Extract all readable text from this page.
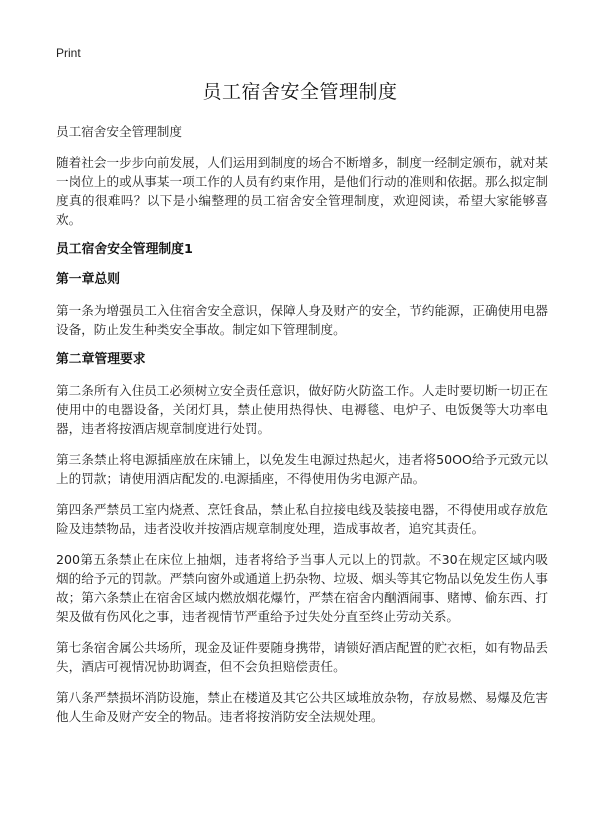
Print
员工宿舍安全管理制度
员工宿舍安全管理制度
随着社会一步步向前发展，人们运用到制度的场合不断增多，制度一经制定颁布，就对某一岗位上的或从事某一项工作的人员有约束作用，是他们行动的准则和依据。那么拟定制度真的很难吗？以下是小编整理的员工宿舍安全管理制度，欢迎阅读，希望大家能够喜欢。
员工宿舍安全管理制度1
第一章总则
第一条为增强员工入住宿舍安全意识，保障人身及财产的安全，节约能源，正确使用电器设备，防止发生种类安全事故。制定如下管理制度。
第二章管理要求
第二条所有入住员工必须树立安全责任意识，做好防火防盗工作。人走时要切断一切正在使用中的电器设备，关闭灯具，禁止使用热得快、电褥毯、电炉子、电饭煲等大功率电器，违者将按酒店规章制度进行处罚。
第三条禁止将电源插座放在床铺上，以免发生电源过热起火，违者将50OO给予元致元以上的罚款；请使用酒店配发的.电源插座，不得使用伪劣电源产品。
第四条严禁员工室内烧煮、烹饪食品，禁止私自拉接电线及装接电器，不得使用或存放危险及违禁物品，违者没收并按酒店规章制度处理，造成事故者，追究其责任。
200第五条禁止在床位上抽烟，违者将给予当事人元以上的罚款。不30在规定区域内吸烟的给予元的罚款。严禁向窗外或通道上扔杂物、垃圾、烟头等其它物品以免发生伤人事故；第六条禁止在宿舍区域内燃放烟花爆竹，严禁在宿舍内酗酒闹事、赌博、偷东西、打架及做有伤风化之事，违者视情节严重给予过失处分直至终止劳动关系。
第七条宿舍属公共场所，现金及证件要随身携带，请锁好酒店配置的贮衣柜，如有物品丢失，酒店可视情况协助调查，但不会负担赔偿责任。
第八条严禁损坏消防设施，禁止在楼道及其它公共区域堆放杂物，存放易燃、易爆及危害他人生命及财产安全的物品。违者将按消防安全法规处理。
